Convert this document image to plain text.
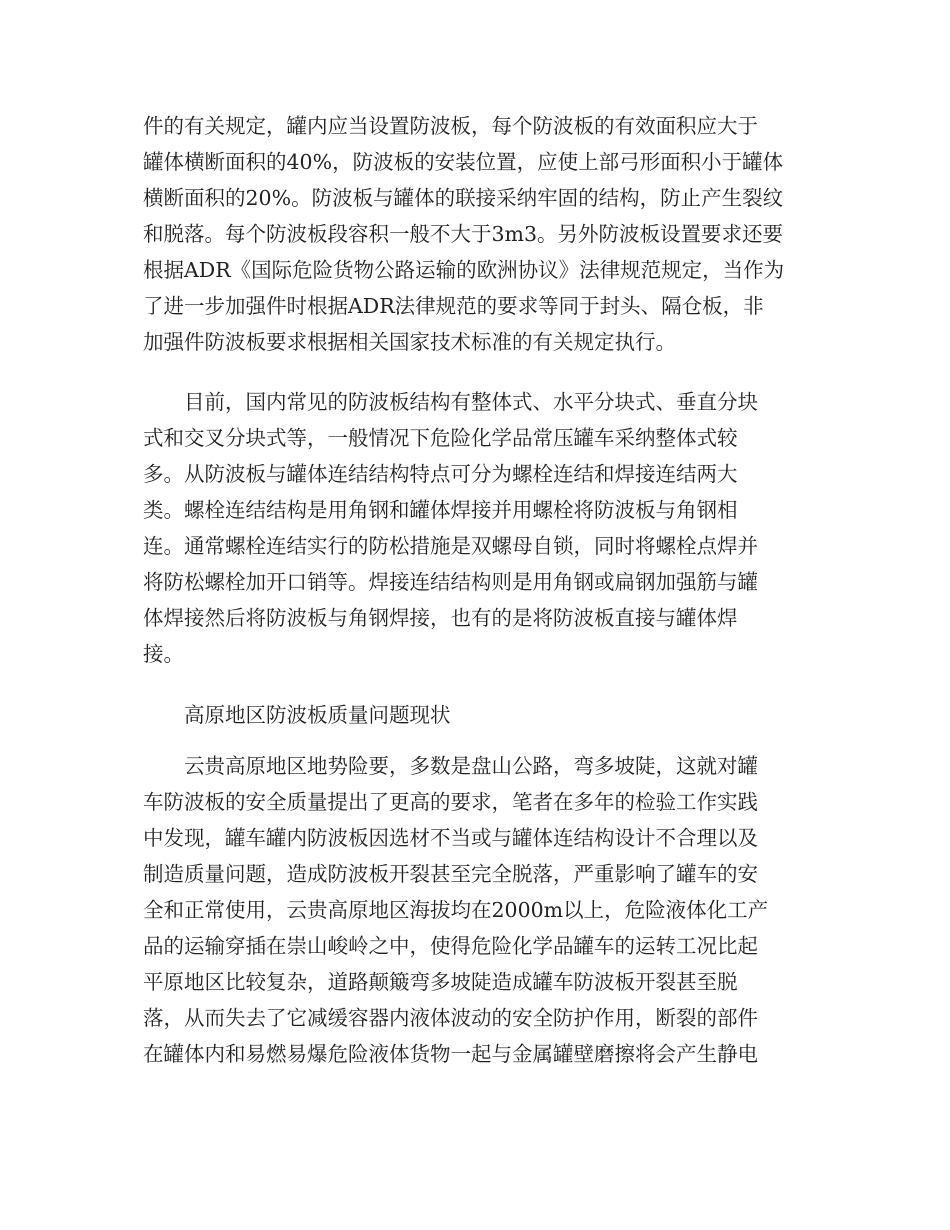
件的有关规定，罐内应当设置防波板，每个防波板的有效面积应大于
罐体横断面积的40%，防波板的安装位置，应使上部弓形面积小于罐体
横断面积的20%。防波板与罐体的联接采纳牢固的结构，防止产生裂纹
和脱落。每个防波板段容积一般不大于3m3。另外防波板设置要求还要
根据ADR《国际危险货物公路运输的欧洲协议》法律规范规定，当作为
了进一步加强件时根据ADR法律规范的要求等同于封头、隔仓板，非
加强件防波板要求根据相关国家技术标准的有关规定执行。
　　目前，国内常见的防波板结构有整体式、水平分块式、垂直分块
式和交叉分块式等，一般情况下危险化学品常压罐车采纳整体式较
多。从防波板与罐体连结结构特点可分为螺栓连结和焊接连结两大
类。螺栓连结结构是用角钢和罐体焊接并用螺栓将防波板与角钢相
连。通常螺栓连结实行的防松措施是双螺母自锁，同时将螺栓点焊并
将防松螺栓加开口销等。焊接连结结构则是用角钢或扁钢加强筋与罐
体焊接然后将防波板与角钢焊接，也有的是将防波板直接与罐体焊
接。
　　高原地区防波板质量问题现状
　　云贵高原地区地势险要，多数是盘山公路，弯多坡陡，这就对罐
车防波板的安全质量提出了更高的要求，笔者在多年的检验工作实践
中发现，罐车罐内防波板因选材不当或与罐体连结构设计不合理以及
制造质量问题，造成防波板开裂甚至完全脱落，严重影响了罐车的安
全和正常使用，云贵高原地区海拔均在2000m以上，危险液体化工产
品的运输穿插在崇山峻岭之中，使得危险化学品罐车的运转工况比起
平原地区比较复杂，道路颠簸弯多坡陡造成罐车防波板开裂甚至脱
落，从而失去了它减缓容器内液体波动的安全防护作用，断裂的部件
在罐体内和易燃易爆危险液体货物一起与金属罐壁磨擦将会产生静电
